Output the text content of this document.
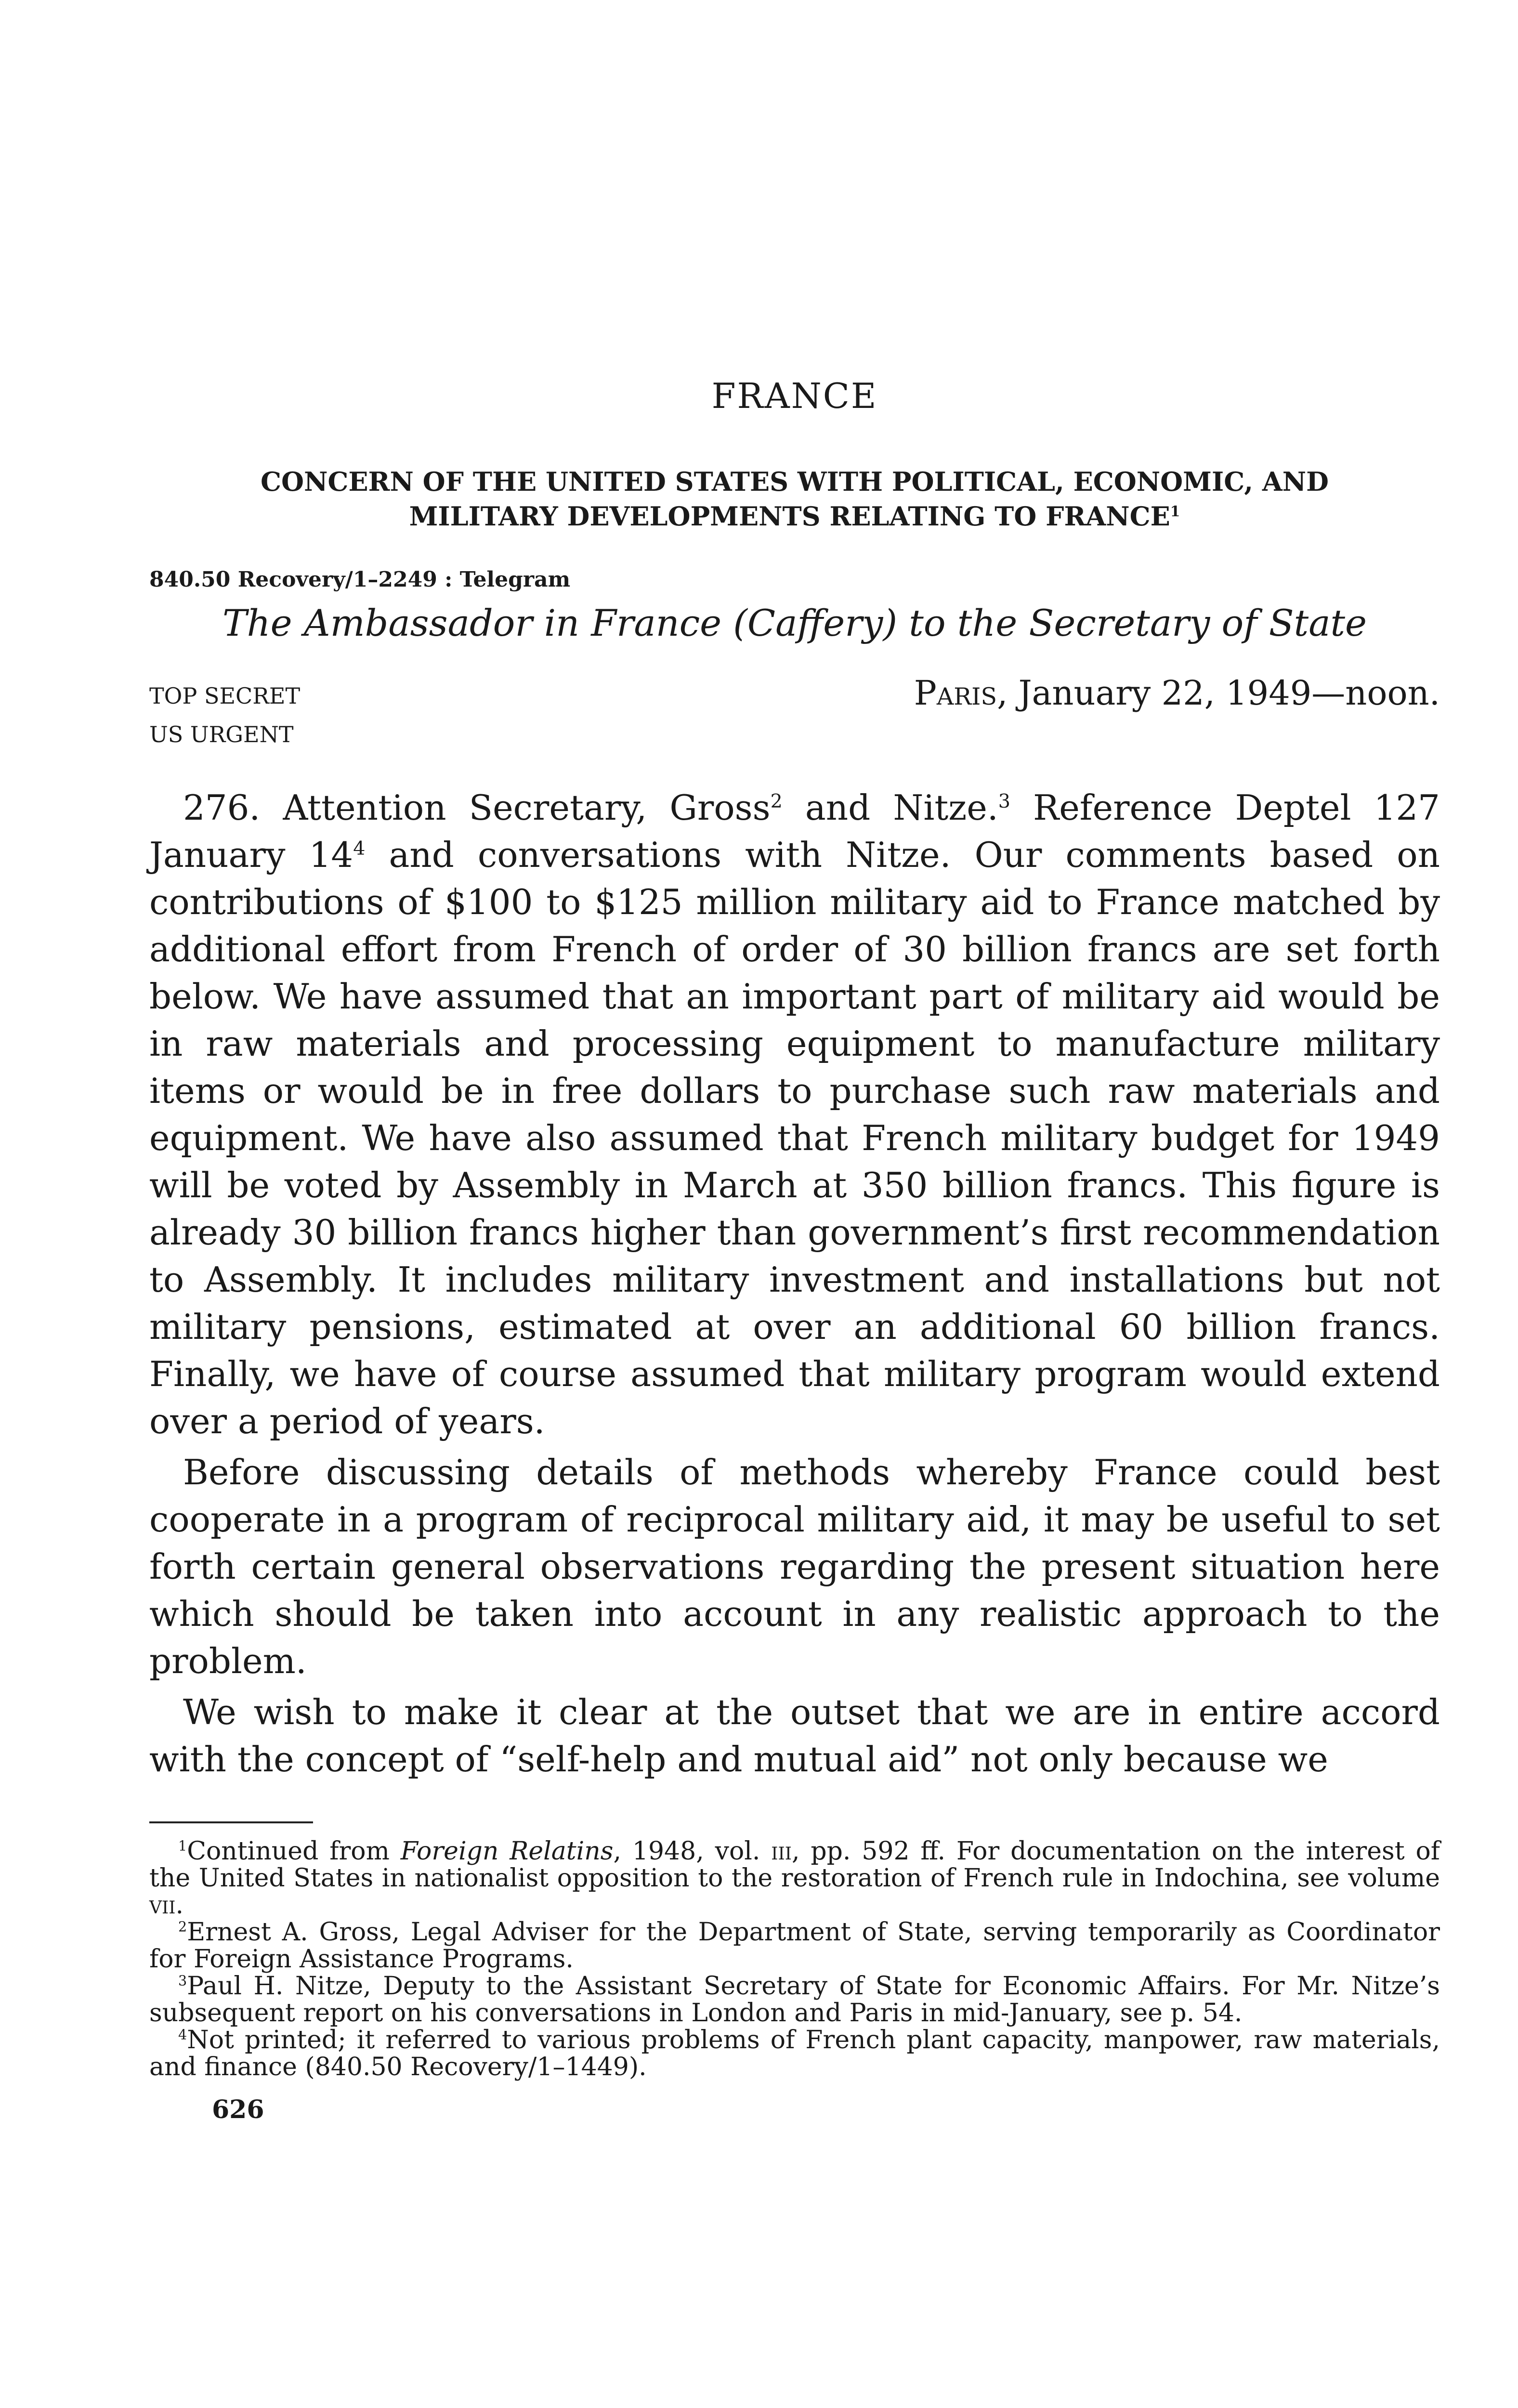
FRANCE
CONCERN OF THE UNITED STATES WITH POLITICAL, ECONOMIC, AND
MILITARY DEVELOPMENTS RELATING TO FRANCE$^1$
840.50 Recovery/1–2249 : Telegram
The Ambassador in France (Caffery) to the Secretary of State
TOP SECRET
US URGENT
Paris, January 22, 1949—noon.

276. Attention Secretary, Gross$^2$ and Nitze.$^3$ Reference Deptel 127 January 14$^4$ and conversations with Nitze. Our comments based on contributions of $100 to $125 million military aid to France matched by additional effort from French of order of 30 billion francs are set forth below. We have assumed that an important part of military aid would be in raw materials and processing equipment to manufacture military items or would be in free dollars to purchase such raw materials and equipment. We have also assumed that French military budget for 1949 will be voted by Assembly in March at 350 billion francs. This figure is already 30 billion francs higher than government’s first recommendation to Assembly. It includes military investment and installations but not military pensions, estimated at over an additional 60 billion francs. Finally, we have of course assumed that military program would extend over a period of years.

Before discussing details of methods whereby France could best cooperate in a program of reciprocal military aid, it may be useful to set forth certain general observations regarding the present situation here which should be taken into account in any realistic approach to the problem.

We wish to make it clear at the outset that we are in entire accord with the concept of “self-help and mutual aid” not only because we

$^1$Continued from Foreign Relatins, 1948, vol. iii, pp. 592 ff. For documentation on the interest of the United States in nationalist opposition to the restoration of French rule in Indochina, see volume vii.

$^2$Ernest A. Gross, Legal Adviser for the Department of State, serving temporarily as Coordinator for Foreign Assistance Programs.

$^3$Paul H. Nitze, Deputy to the Assistant Secretary of State for Economic Affairs. For Mr. Nitze’s subsequent report on his conversations in London and Paris in mid-January, see p. 54.

$^4$Not printed; it referred to various problems of French plant capacity, manpower, raw materials, and finance (840.50 Recovery/1–1449).

626
